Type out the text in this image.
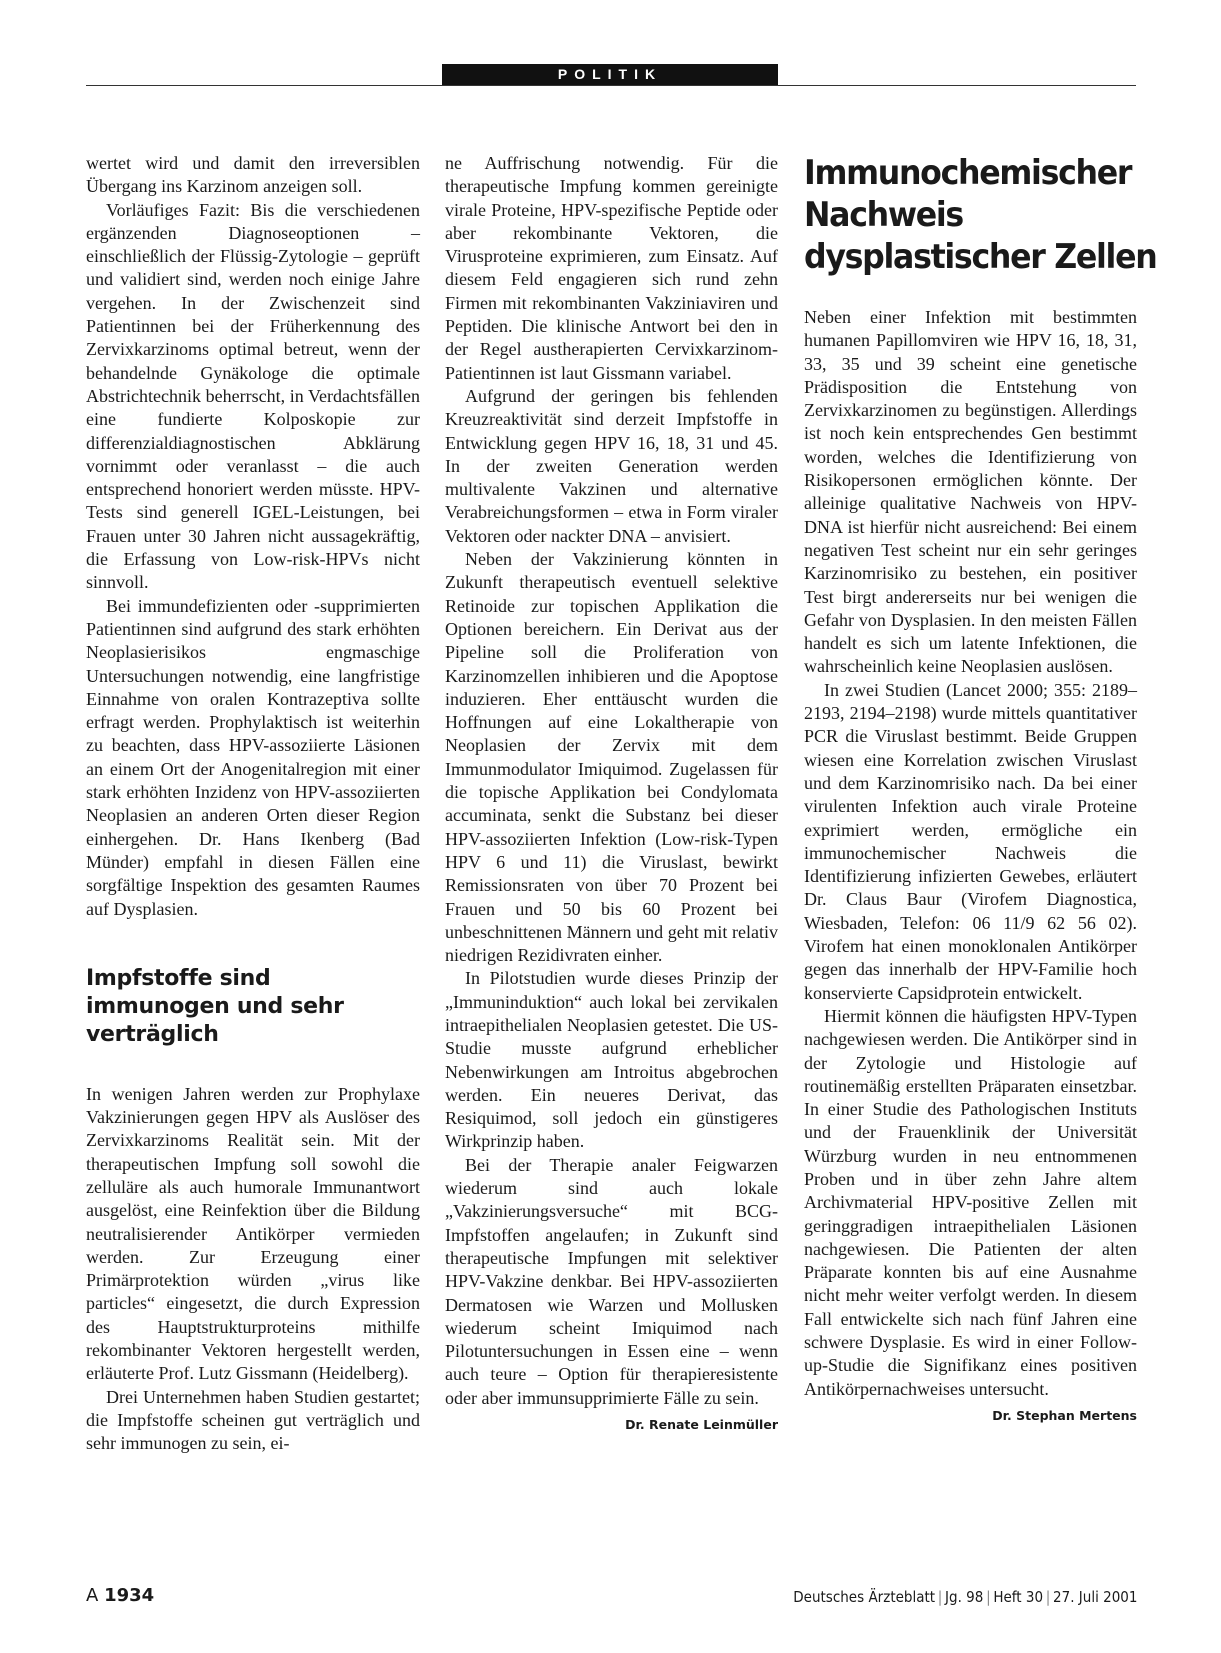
POLITIK

wertet wird und damit den irreversiblen Übergang ins Karzinom anzeigen soll.

Vorläufiges Fazit: Bis die verschiedenen ergänzenden Diagnoseoptionen – einschließlich der Flüssig-Zytologie – geprüft und validiert sind, werden noch einige Jahre vergehen. In der Zwischenzeit sind Patientinnen bei der Früherkennung des Zervixkarzinoms optimal betreut, wenn der behandelnde Gynäkologe die optimale Abstrichtechnik beherrscht, in Verdachtsfällen eine fundierte Kolposkopie zur differenzialdiagnostischen Abklärung vornimmt oder veranlasst – die auch entsprechend honoriert werden müsste. HPV-Tests sind generell IGEL-Leistungen, bei Frauen unter 30 Jahren nicht aussagekräftig, die Erfassung von Low-risk-HPVs nicht sinnvoll.

Bei immundefizienten oder -supprimierten Patientinnen sind aufgrund des stark erhöhten Neoplasierisikos engmaschige Untersuchungen notwendig, eine langfristige Einnahme von oralen Kontrazeptiva sollte erfragt werden. Prophylaktisch ist weiterhin zu beachten, dass HPV-assoziierte Läsionen an einem Ort der Anogenitalregion mit einer stark erhöhten Inzidenz von HPV-assoziierten Neoplasien an anderen Orten dieser Region einhergehen. Dr. Hans Ikenberg (Bad Münder) empfahl in diesen Fällen eine sorgfältige Inspektion des gesamten Raumes auf Dysplasien.

Impfstoffe sind immunogen und sehr verträglich

In wenigen Jahren werden zur Prophylaxe Vakzinierungen gegen HPV als Auslöser des Zervixkarzinoms Realität sein. Mit der therapeutischen Impfung soll sowohl die zelluläre als auch humorale Immunantwort ausgelöst, eine Reinfektion über die Bildung neutralisierender Antikörper vermieden werden. Zur Erzeugung einer Primärprotektion würden „virus like particles“ eingesetzt, die durch Expression des Hauptstrukturproteins mithilfe rekombinanter Vektoren hergestellt werden, erläuterte Prof. Lutz Gissmann (Heidelberg).

Drei Unternehmen haben Studien gestartet; die Impfstoffe scheinen gut verträglich und sehr immunogen zu sein, ei-

ne Auffrischung notwendig. Für die therapeutische Impfung kommen gereinigte virale Proteine, HPV-spezifische Peptide oder aber rekombinante Vektoren, die Virusproteine exprimieren, zum Einsatz. Auf diesem Feld engagieren sich rund zehn Firmen mit rekombinanten Vakziniaviren und Peptiden. Die klinische Antwort bei den in der Regel austherapierten Cervixkarzinom-Patientinnen ist laut Gissmann variabel.

Aufgrund der geringen bis fehlenden Kreuzreaktivität sind derzeit Impfstoffe in Entwicklung gegen HPV 16, 18, 31 und 45. In der zweiten Generation werden multivalente Vakzinen und alternative Verabreichungsformen – etwa in Form viraler Vektoren oder nackter DNA – anvisiert.

Neben der Vakzinierung könnten in Zukunft therapeutisch eventuell selektive Retinoide zur topischen Applikation die Optionen bereichern. Ein Derivat aus der Pipeline soll die Proliferation von Karzinomzellen inhibieren und die Apoptose induzieren. Eher enttäuscht wurden die Hoffnungen auf eine Lokaltherapie von Neoplasien der Zervix mit dem Immunmodulator Imiquimod. Zugelassen für die topische Applikation bei Condylomata accuminata, senkt die Substanz bei dieser HPV-assoziierten Infektion (Low-risk-Typen HPV 6 und 11) die Viruslast, bewirkt Remissionsraten von über 70 Prozent bei Frauen und 50 bis 60 Prozent bei unbeschnittenen Männern und geht mit relativ niedrigen Rezidivraten einher.

In Pilotstudien wurde dieses Prinzip der „Immuninduktion“ auch lokal bei zervikalen intraepithelialen Neoplasien getestet. Die US-Studie musste aufgrund erheblicher Nebenwirkungen am Introitus abgebrochen werden. Ein neueres Derivat, das Resiquimod, soll jedoch ein günstigeres Wirkprinzip haben.

Bei der Therapie analer Feigwarzen wiederum sind auch lokale „Vakzinierungsversuche“ mit BCG-Impfstoffen angelaufen; in Zukunft sind therapeutische Impfungen mit selektiver HPV-Vakzine denkbar. Bei HPV-assoziierten Dermatosen wie Warzen und Mollusken wiederum scheint Imiquimod nach Pilotuntersuchungen in Essen eine – wenn auch teure – Option für therapieresistente oder aber immunsupprimierte Fälle zu sein.
Dr. Renate Leinmüller

Immunochemischer
Nachweis
dysplastischer Zellen

Neben einer Infektion mit bestimmten humanen Papillomviren wie HPV 16, 18, 31, 33, 35 und 39 scheint eine genetische Prädisposition die Entstehung von Zervixkarzinomen zu begünstigen. Allerdings ist noch kein entsprechendes Gen bestimmt worden, welches die Identifizierung von Risikopersonen ermöglichen könnte. Der alleinige qualitative Nachweis von HPV-DNA ist hierfür nicht ausreichend: Bei einem negativen Test scheint nur ein sehr geringes Karzinomrisiko zu bestehen, ein positiver Test birgt andererseits nur bei wenigen die Gefahr von Dysplasien. In den meisten Fällen handelt es sich um latente Infektionen, die wahrscheinlich keine Neoplasien auslösen.

In zwei Studien (Lancet 2000; 355: 2189–2193, 2194–2198) wurde mittels quantitativer PCR die Viruslast bestimmt. Beide Gruppen wiesen eine Korrelation zwischen Viruslast und dem Karzinomrisiko nach. Da bei einer virulenten Infektion auch virale Proteine exprimiert werden, ermögliche ein immunochemischer Nachweis die Identifizierung infizierten Gewebes, erläutert Dr. Claus Baur (Virofem Diagnostica, Wiesbaden, Telefon: 06 11/9 62 56 02). Virofem hat einen monoklonalen Antikörper gegen das innerhalb der HPV-Familie hoch konservierte Capsidprotein entwickelt.

Hiermit können die häufigsten HPV-Typen nachgewiesen werden. Die Antikörper sind in der Zytologie und Histologie auf routinemäßig erstellten Präparaten einsetzbar. In einer Studie des Pathologischen Instituts und der Frauenklinik der Universität Würzburg wurden in neu entnommenen Proben und in über zehn Jahre altem Archivmaterial HPV-positive Zellen mit geringgradigen intraepithelialen Läsionen nachgewiesen. Die Patienten der alten Präparate konnten bis auf eine Ausnahme nicht mehr weiter verfolgt werden. In diesem Fall entwickelte sich nach fünf Jahren eine schwere Dysplasie. Es wird in einer Follow-up-Studie die Signifikanz eines positiven Antikörpernachweises untersucht.
Dr. Stephan Mertens

A 1934	Deutsches Ärzteblatt | Jg. 98 | Heft 30 | 27. Juli 2001
